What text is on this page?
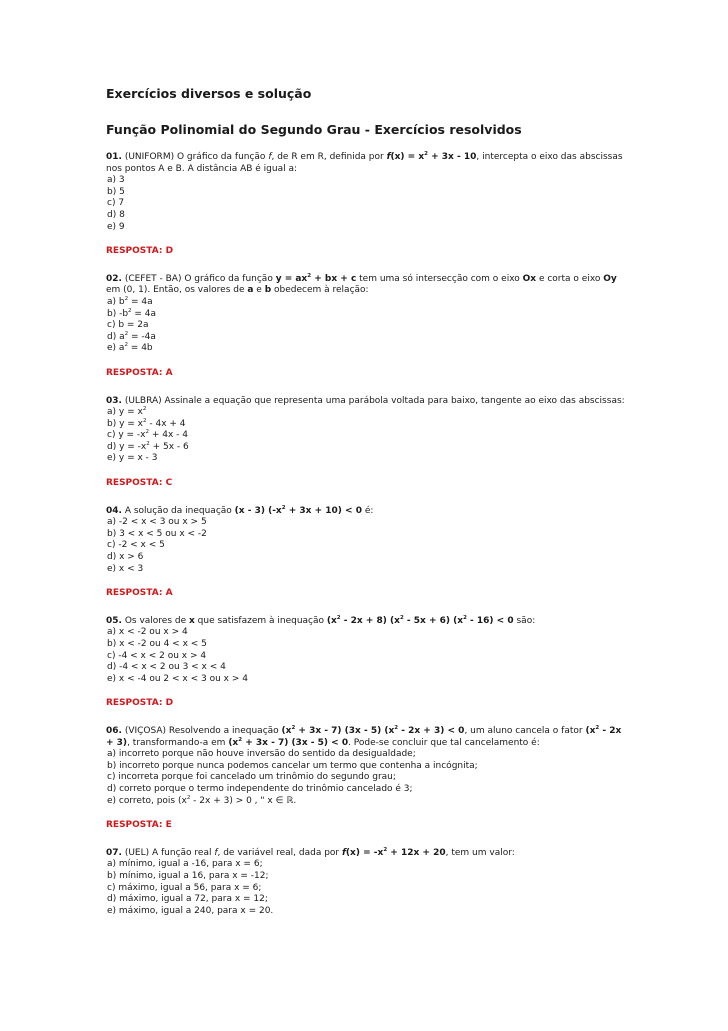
Exercícios diversos e solução
Função Polinomial do Segundo Grau - Exercícios resolvidos

01. (UNIFORM) O gráfico da função f, de R em R, definida por $f(x) = x^2 + 3x - 10$, intercepta o eixo das abscissas nos pontos A e B. A distância AB é igual a:

a) 3
b) 5
c) 7
d) 8
e) 9
RESPOSTA: D

02. (CEFET - BA) O gráfico da função $y = ax^2$ + bx + c tem uma só intersecção com o eixo Ox e corta o eixo Oy em (0, 1). Então, os valores de a e b obedecem à relação:

a) $b^2 = 4a$
b) $-b^2 = 4a$
c) b = 2a
d) $a^2 = -4a$
e) $a^2 = 4b$
RESPOSTA: A

03. (ULBRA) Assinale a equação que representa uma parábola voltada para baixo, tangente ao eixo das abscissas:

a) $y = x^2$
b) $y = x^2 - 4x + 4$
c) $y = -x^2 + 4x - 4$
d) $y = -x^2 + 5x - 6$
e) y = x - 3
RESPOSTA: C

04. A solução da inequação (x - 3) $(-x^2 + 3x + 10) < 0$ é:

a) -2 < x < 3 ou x > 5
b) 3 < x < 5 ou x < -2
c) -2 < x < 5
d) x > 6
e) x < 3
RESPOSTA: A

05. Os valores de x que satisfazem à inequação $(x^2 - 2x + 8)$ $(x^2 - 5x + 6)$ $(x^2 - 16) < 0$ são:

a) x < -2 ou x > 4
b) x < -2 ou 4 < x < 5
c) -4 < x < 2 ou x > 4
d) -4 < x < 2 ou 3 < x < 4
e) x < -4 ou 2 < x < 3 ou x > 4
RESPOSTA: D

06. (VIÇOSA) Resolvendo a inequação $(x^2 + 3x - 7)$ (3x - 5) $(x^2 - 2x + 3) < 0$, um aluno cancela o fator $(x^2 - 2x + 3)$, transformando-a em $(x^2 + 3x - 7)$ (3x - 5) < 0. Pode-se concluir que tal cancelamento é:

a) incorreto porque não houve inversão do sentido da desigualdade;
b) incorreto porque nunca podemos cancelar um termo que contenha a incógnita;
c) incorreta porque foi cancelado um trinômio do segundo grau;
d) correto porque o termo independente do trinômio cancelado é 3;
e) correto, pois $(x^2 - 2x + 3) > 0$ , " x ∈ ℝ.
RESPOSTA: E

07. (UEL) A função real f, de variável real, dada por $f(x) = -x^2 + 12x + 20$, tem um valor:

a) mínimo, igual a -16, para x = 6;
b) mínimo, igual a 16, para x = -12;
c) máximo, igual a 56, para x = 6;
d) máximo, igual a 72, para x = 12;
e) máximo, igual a 240, para x = 20.
